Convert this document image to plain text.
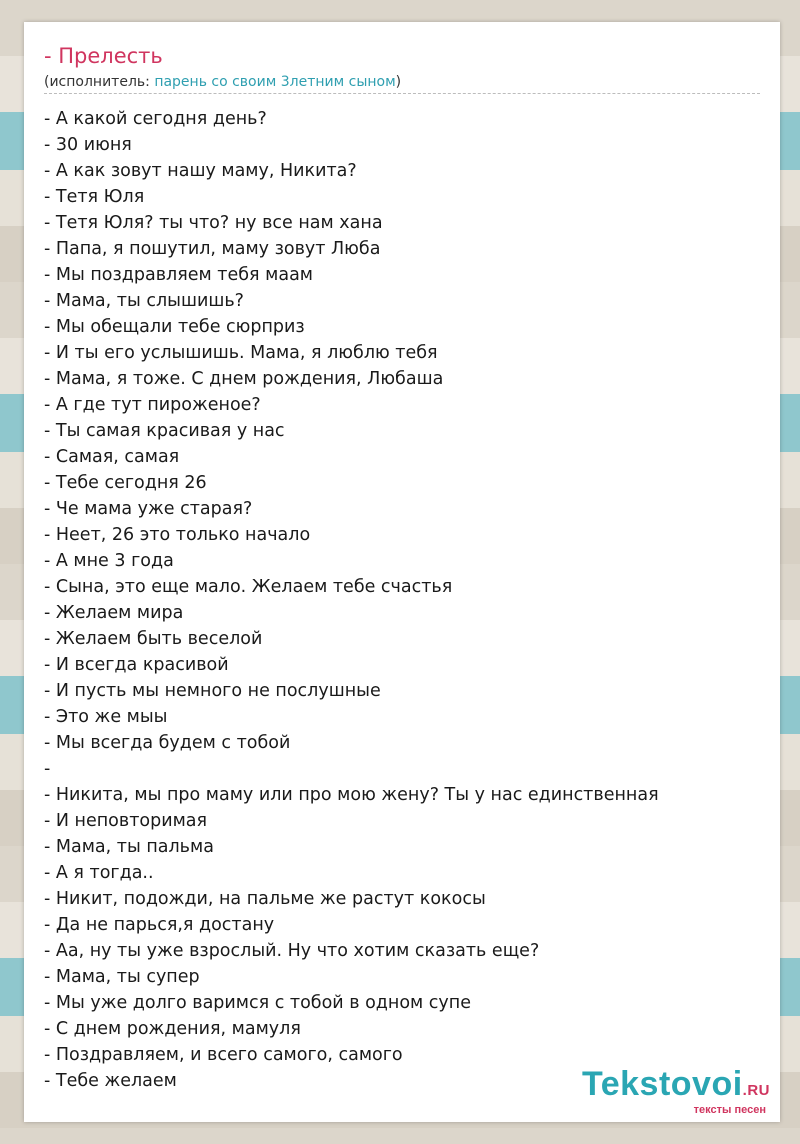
- Прелесть
(исполнитель: парень со своим 3летним сыном)
- А какой сегодня день?
- 30 июня
- А как зовут нашу маму, Никита?
- Тетя Юля
- Тетя Юля? ты что? ну все нам хана
- Папа, я пошутил, маму зовут Люба
- Мы поздравляем тебя маам
- Мама, ты слышишь?
- Мы обещали тебе сюрприз
- И ты его услышишь. Мама, я люблю тебя
- Мама, я тоже. С днем рождения, Любаша
- А где тут пироженое?
- Ты самая красивая у нас
- Самая, самая
- Тебе сегодня 26
- Че мама уже старая?
- Неет, 26 это только начало
- А мне 3 года
- Сына, это еще мало. Желаем тебе счастья
- Желаем мира
- Желаем быть веселой
- И всегда красивой
- И пусть мы немного не послушные
- Это же мыы
- Мы всегда будем с тобой
-
- Никита, мы про маму или про мою жену? Ты у нас единственная
- И неповторимая
- Мама, ты пальма
- А я тогда..
- Никит, подожди, на пальме же растут кокосы
- Да не парься,я достану
- Аа, ну ты уже взрослый. Ну что хотим сказать еще?
- Мама, ты супер
- Мы уже долго варимся с тобой в одном супе
- С днем рождения, мамуля
- Поздравляем, и всего самого, самого
- Тебе желаем	Tekstovoi.RU
тексты песен
